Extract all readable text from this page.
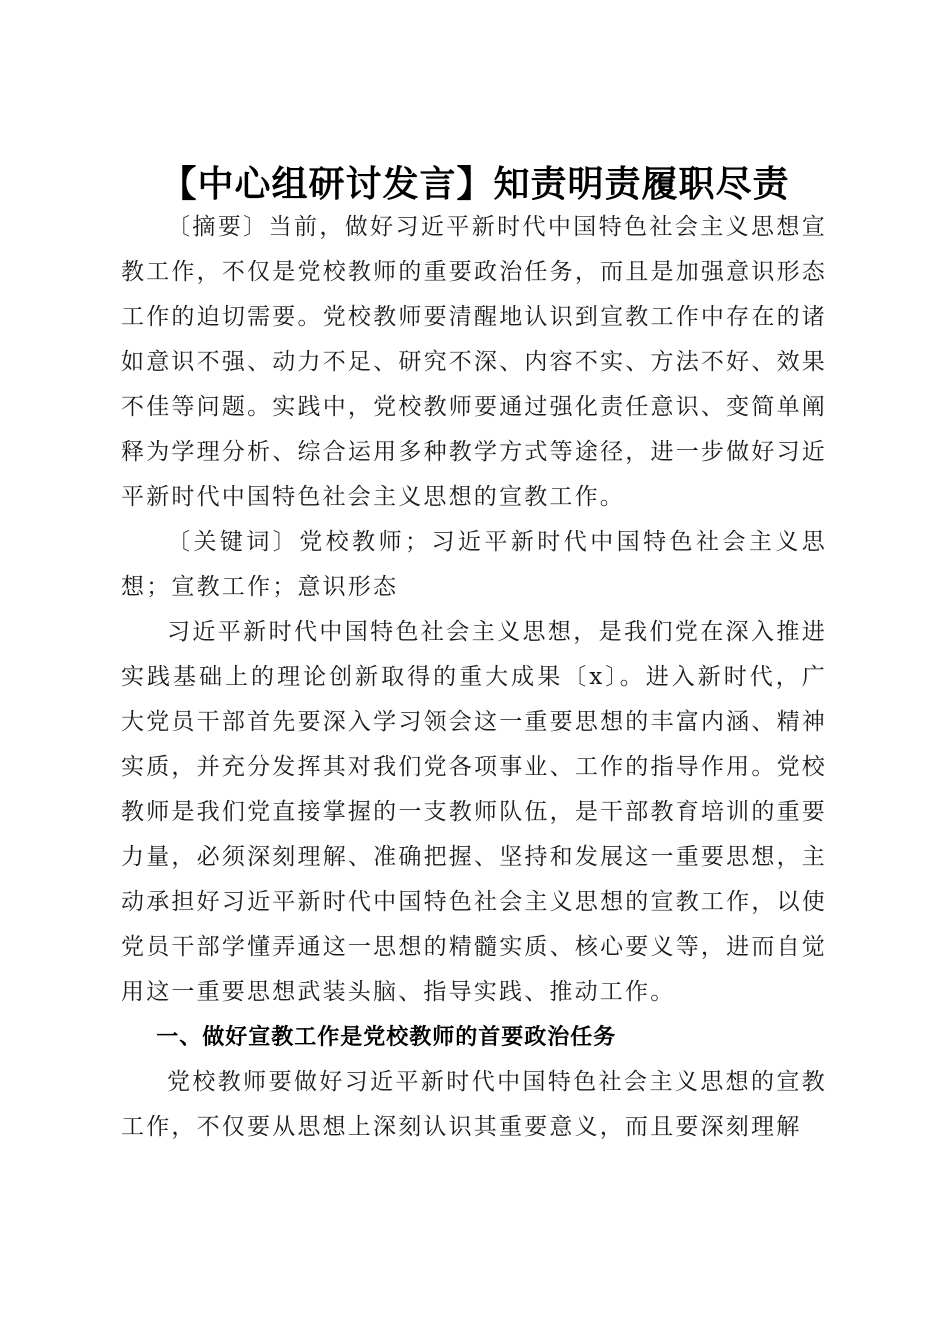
【中心组研讨发言】知责明责履职尽责

〔摘要〕当前，做好习近平新时代中国特色社会主义思想宣教工作，不仅是党校教师的重要政治任务，而且是加强意识形态工作的迫切需要。党校教师要清醒地认识到宣教工作中存在的诸如意识不强、动力不足、研究不深、内容不实、方法不好、效果不佳等问题。实践中，党校教师要通过强化责任意识、变简单阐释为学理分析、综合运用多种教学方式等途径，进一步做好习近平新时代中国特色社会主义思想的宣教工作。

〔关键词〕党校教师；习近平新时代中国特色社会主义思想；宣教工作；意识形态

习近平新时代中国特色社会主义思想，是我们党在深入推进实践基础上的理论创新取得的重大成果〔x〕。进入新时代，广大党员干部首先要深入学习领会这一重要思想的丰富内涵、精神实质，并充分发挥其对我们党各项事业、工作的指导作用。党校教师是我们党直接掌握的一支教师队伍，是干部教育培训的重要力量，必须深刻理解、准确把握、坚持和发展这一重要思想，主动承担好习近平新时代中国特色社会主义思想的宣教工作，以使党员干部学懂弄通这一思想的精髓实质、核心要义等，进而自觉用这一重要思想武装头脑、指导实践、推动工作。

一、做好宣教工作是党校教师的首要政治任务

党校教师要做好习近平新时代中国特色社会主义思想的宣教工作，不仅要从思想上深刻认识其重要意义，而且要深刻理解
